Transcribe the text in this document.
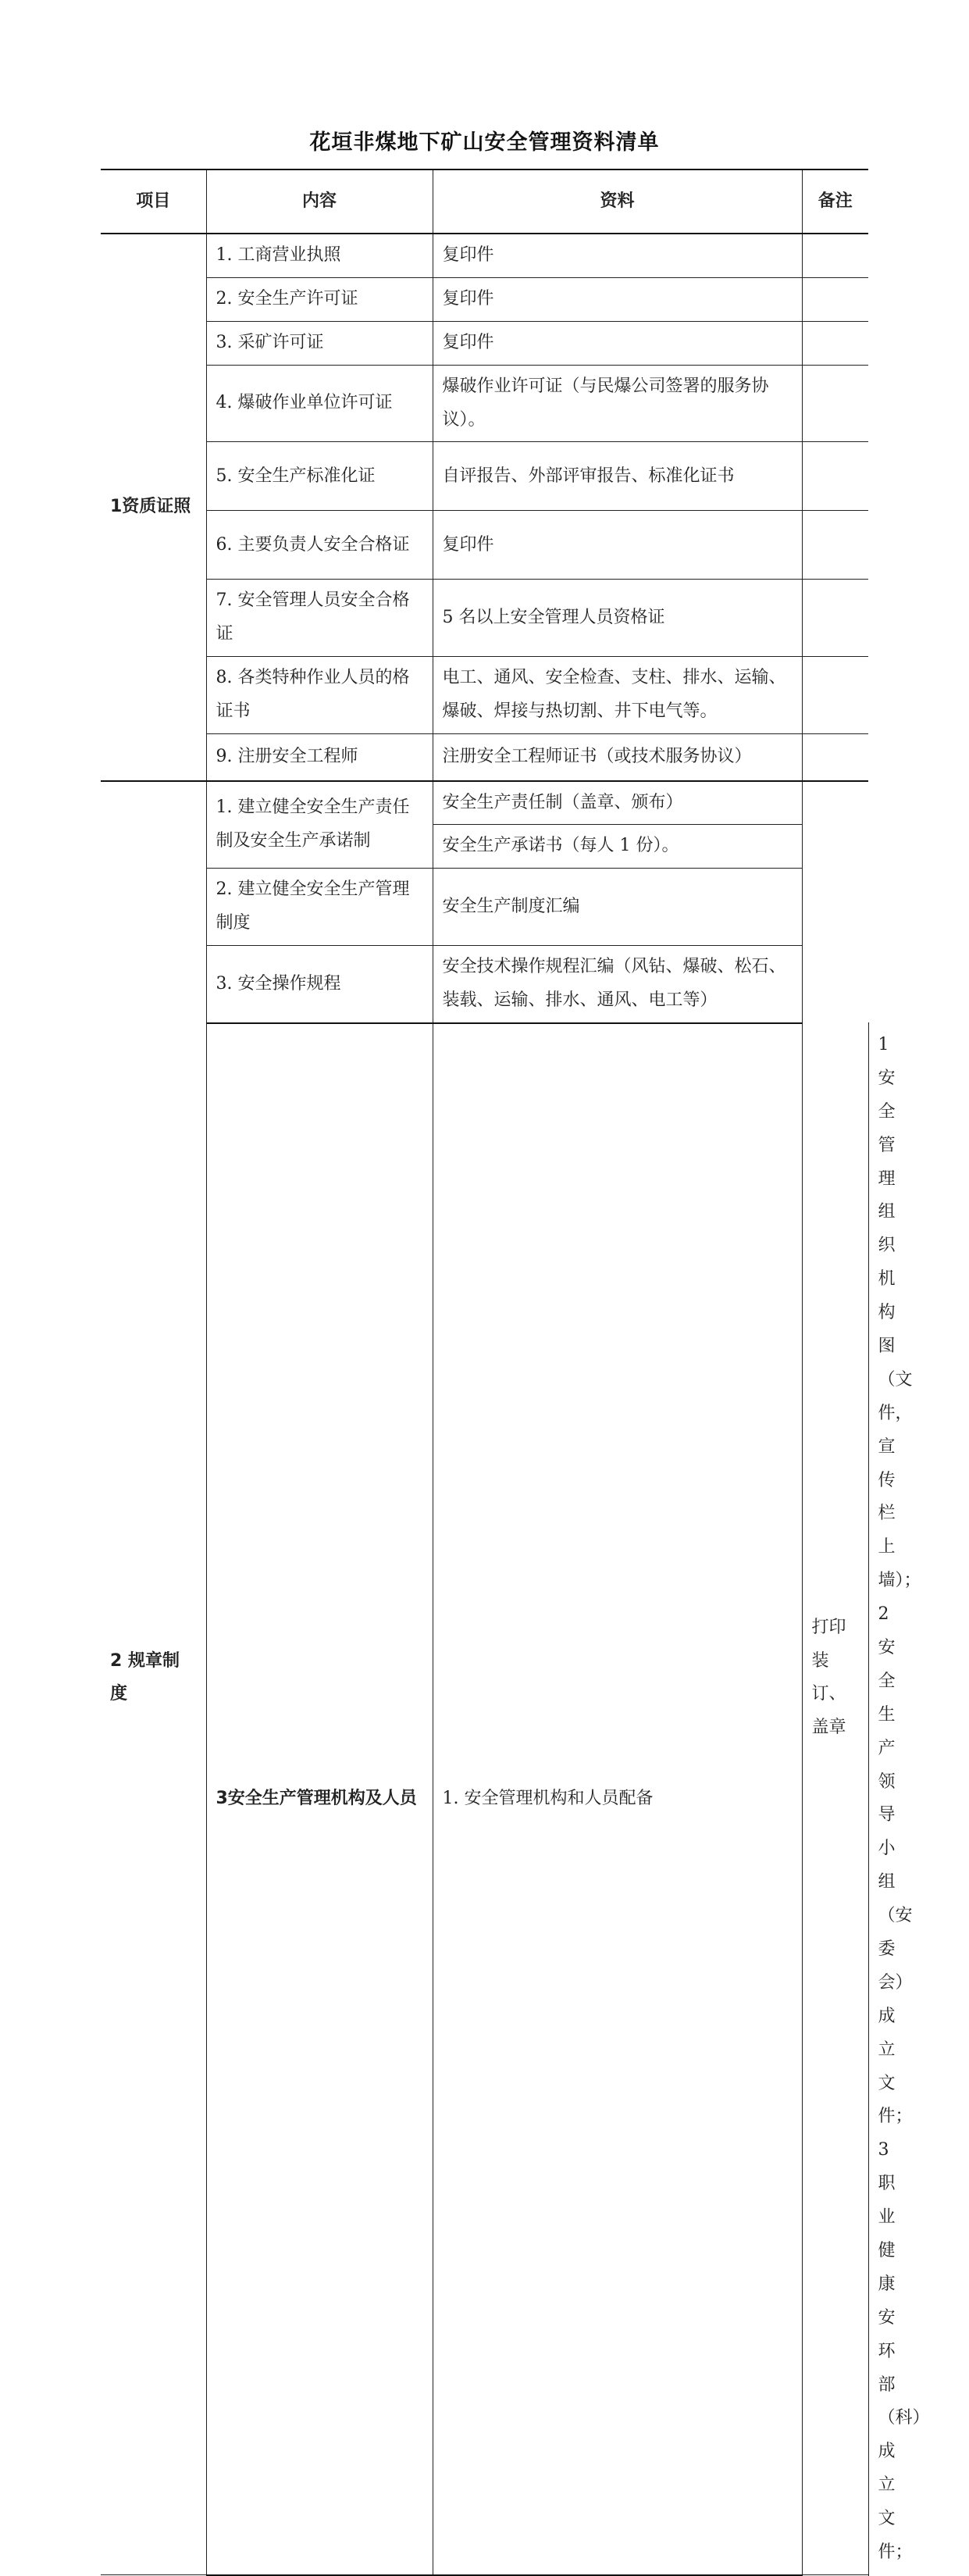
花垣非煤地下矿山安全管理资料清单
项目	内容	资料	备注	
1资质证照	1. 工商营业执照	复印件		
	2. 安全生产许可证	复印件		
	3. 采矿许可证	复印件		
	4. 爆破作业单位许可证	爆破作业许可证（与民爆公司签署的服务协议）。		
	5. 安全生产标准化证	自评报告、外部评审报告、标准化证书		
	6. 主要负责人安全合格证	复印件		
	7. 安全管理人员安全合格证	5 名以上安全管理人员资格证		
	8. 各类特种作业人员的格证书	电工、通风、安全检查、支柱、排水、运输、爆破、焊接与热切割、井下电气等。		
	9. 注册安全工程师	注册安全工程师证书（或技术服务协议）		
2 规章制度	1. 建立健全安全生产责任制及安全生产承诺制	安全生产责任制（盖章、颁布）	打印装订、盖章	
		安全生产承诺书（每人 1 份）。		
	2. 建立健全安全生产管理制度	安全生产制度汇编		
	3. 安全操作规程	安全技术操作规程汇编（风钻、爆破、松石、装载、运输、排水、通风、电工等）		
	3安全生产管理机构及人员	1. 安全管理机构和人员配备		1 安全管理组织机构图（文件，宣传栏上墙）；
2 安全生产领导小组（安委会）成立文件；
3 职业健康安环部（科）成立文件；
